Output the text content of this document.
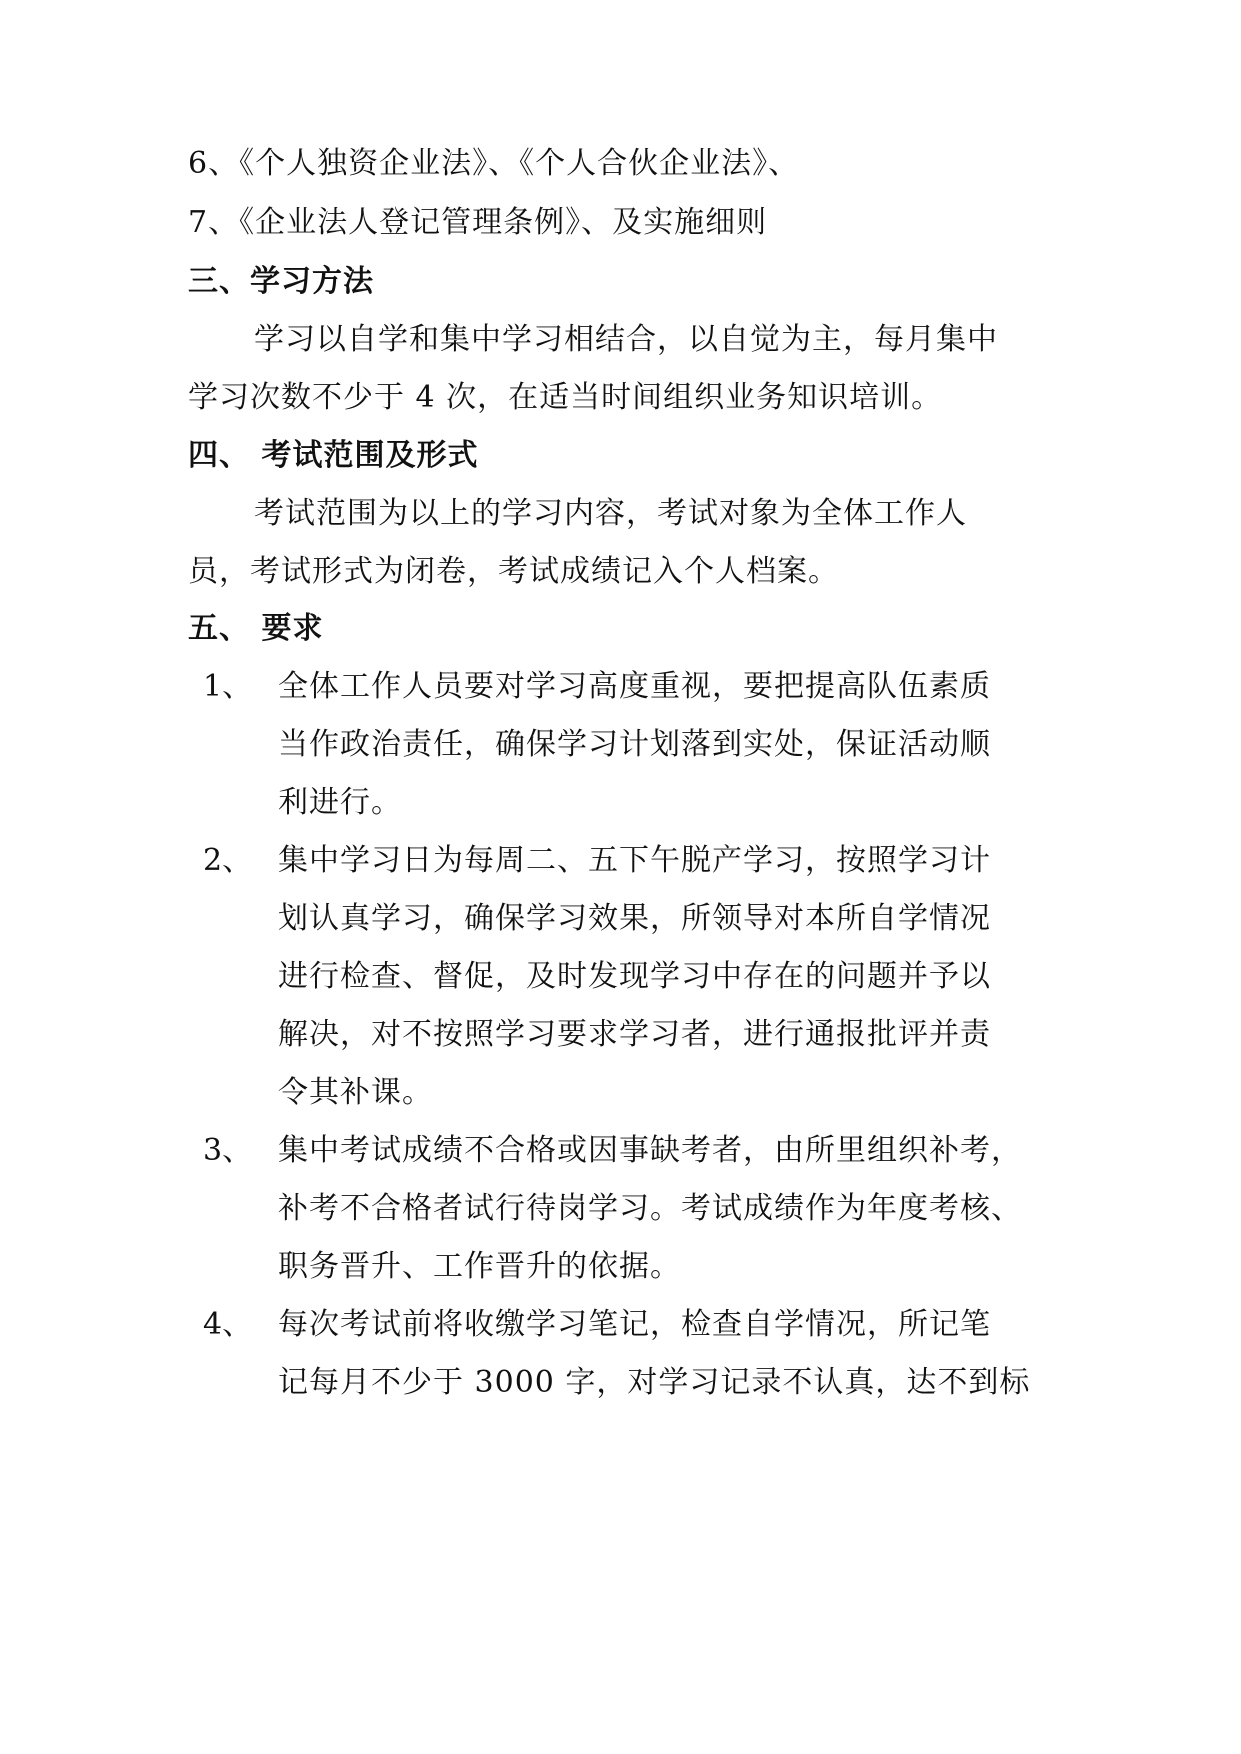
6、《个人独资企业法》、《个人合伙企业法》、
7、《企业法人登记管理条例》、及实施细则
三、学习方法
学习以自学和集中学习相结合，以自觉为主，每月集中
学习次数不少于 4 次，在适当时间组织业务知识培训。
四、 考试范围及形式
考试范围为以上的学习内容，考试对象为全体工作人
员，考试形式为闭卷，考试成绩记入个人档案。
五、 要求
1、 全体工作人员要对学习高度重视，要把提高队伍素质
当作政治责任，确保学习计划落到实处，保证活动顺
利进行。
2、 集中学习日为每周二、五下午脱产学习，按照学习计
划认真学习，确保学习效果，所领导对本所自学情况
进行检查、督促，及时发现学习中存在的问题并予以
解决，对不按照学习要求学习者，进行通报批评并责
令其补课。
3、 集中考试成绩不合格或因事缺考者，由所里组织补考，
补考不合格者试行待岗学习。考试成绩作为年度考核、
职务晋升、工作晋升的依据。
4、 每次考试前将收缴学习笔记，检查自学情况，所记笔
记每月不少于 3000 字，对学习记录不认真，达不到标
